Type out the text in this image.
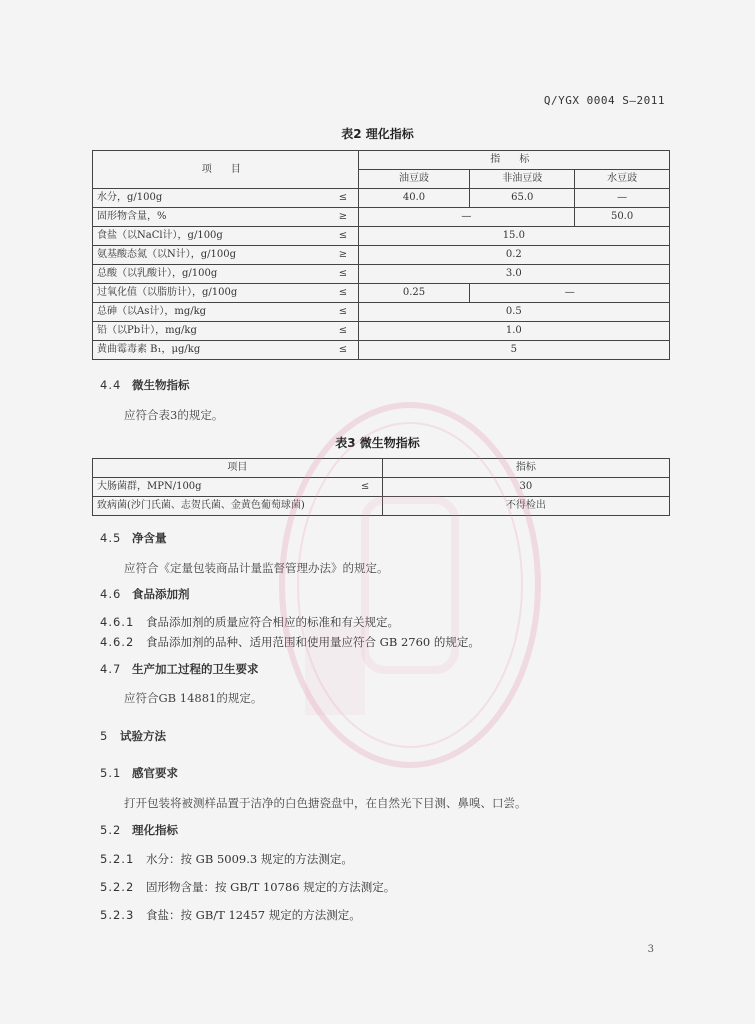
Q/YGX 0004 S—2011
表2 理化指标
项 目		指 标		
		油豆豉	非油豆豉	水豆豉
水分，g/100g	≤	40.0	65.0	—
固形物含量，%	≥	—		50.0
食盐（以NaCl计），g/100g	≤	15.0		
氨基酸态氮（以N计），g/100g	≥	0.2		
总酸（以乳酸计），g/100g	≤	3.0		
过氧化值（以脂肪计），g/100g	≤	0.25	—	
总砷（以As计），mg/kg	≤	0.5		
铅（以Pb计），mg/kg	≤	1.0		
黄曲霉毒素 B₁，μg/kg	≤	5		
4.4 微生物指标
应符合表3的规定。
表3 微生物指标
项目		指标
大肠菌群，MPN/100g	≤	30
致病菌(沙门氏菌、志贺氏菌、金黄色葡萄球菌)		不得检出
4.5 净含量
应符合《定量包装商品计量监督管理办法》的规定。
4.6 食品添加剂
4.6.1 食品添加剂的质量应符合相应的标准和有关规定。
4.6.2 食品添加剂的品种、适用范围和使用量应符合 GB 2760 的规定。
4.7 生产加工过程的卫生要求
应符合GB 14881的规定。
5 试验方法
5.1 感官要求
打开包装将被测样品置于洁净的白色搪瓷盘中，在自然光下目测、鼻嗅、口尝。
5.2 理化指标
5.2.1 水分：按 GB 5009.3 规定的方法测定。
5.2.2 固形物含量：按 GB/T 10786 规定的方法测定。
5.2.3 食盐：按 GB/T 12457 规定的方法测定。
3
